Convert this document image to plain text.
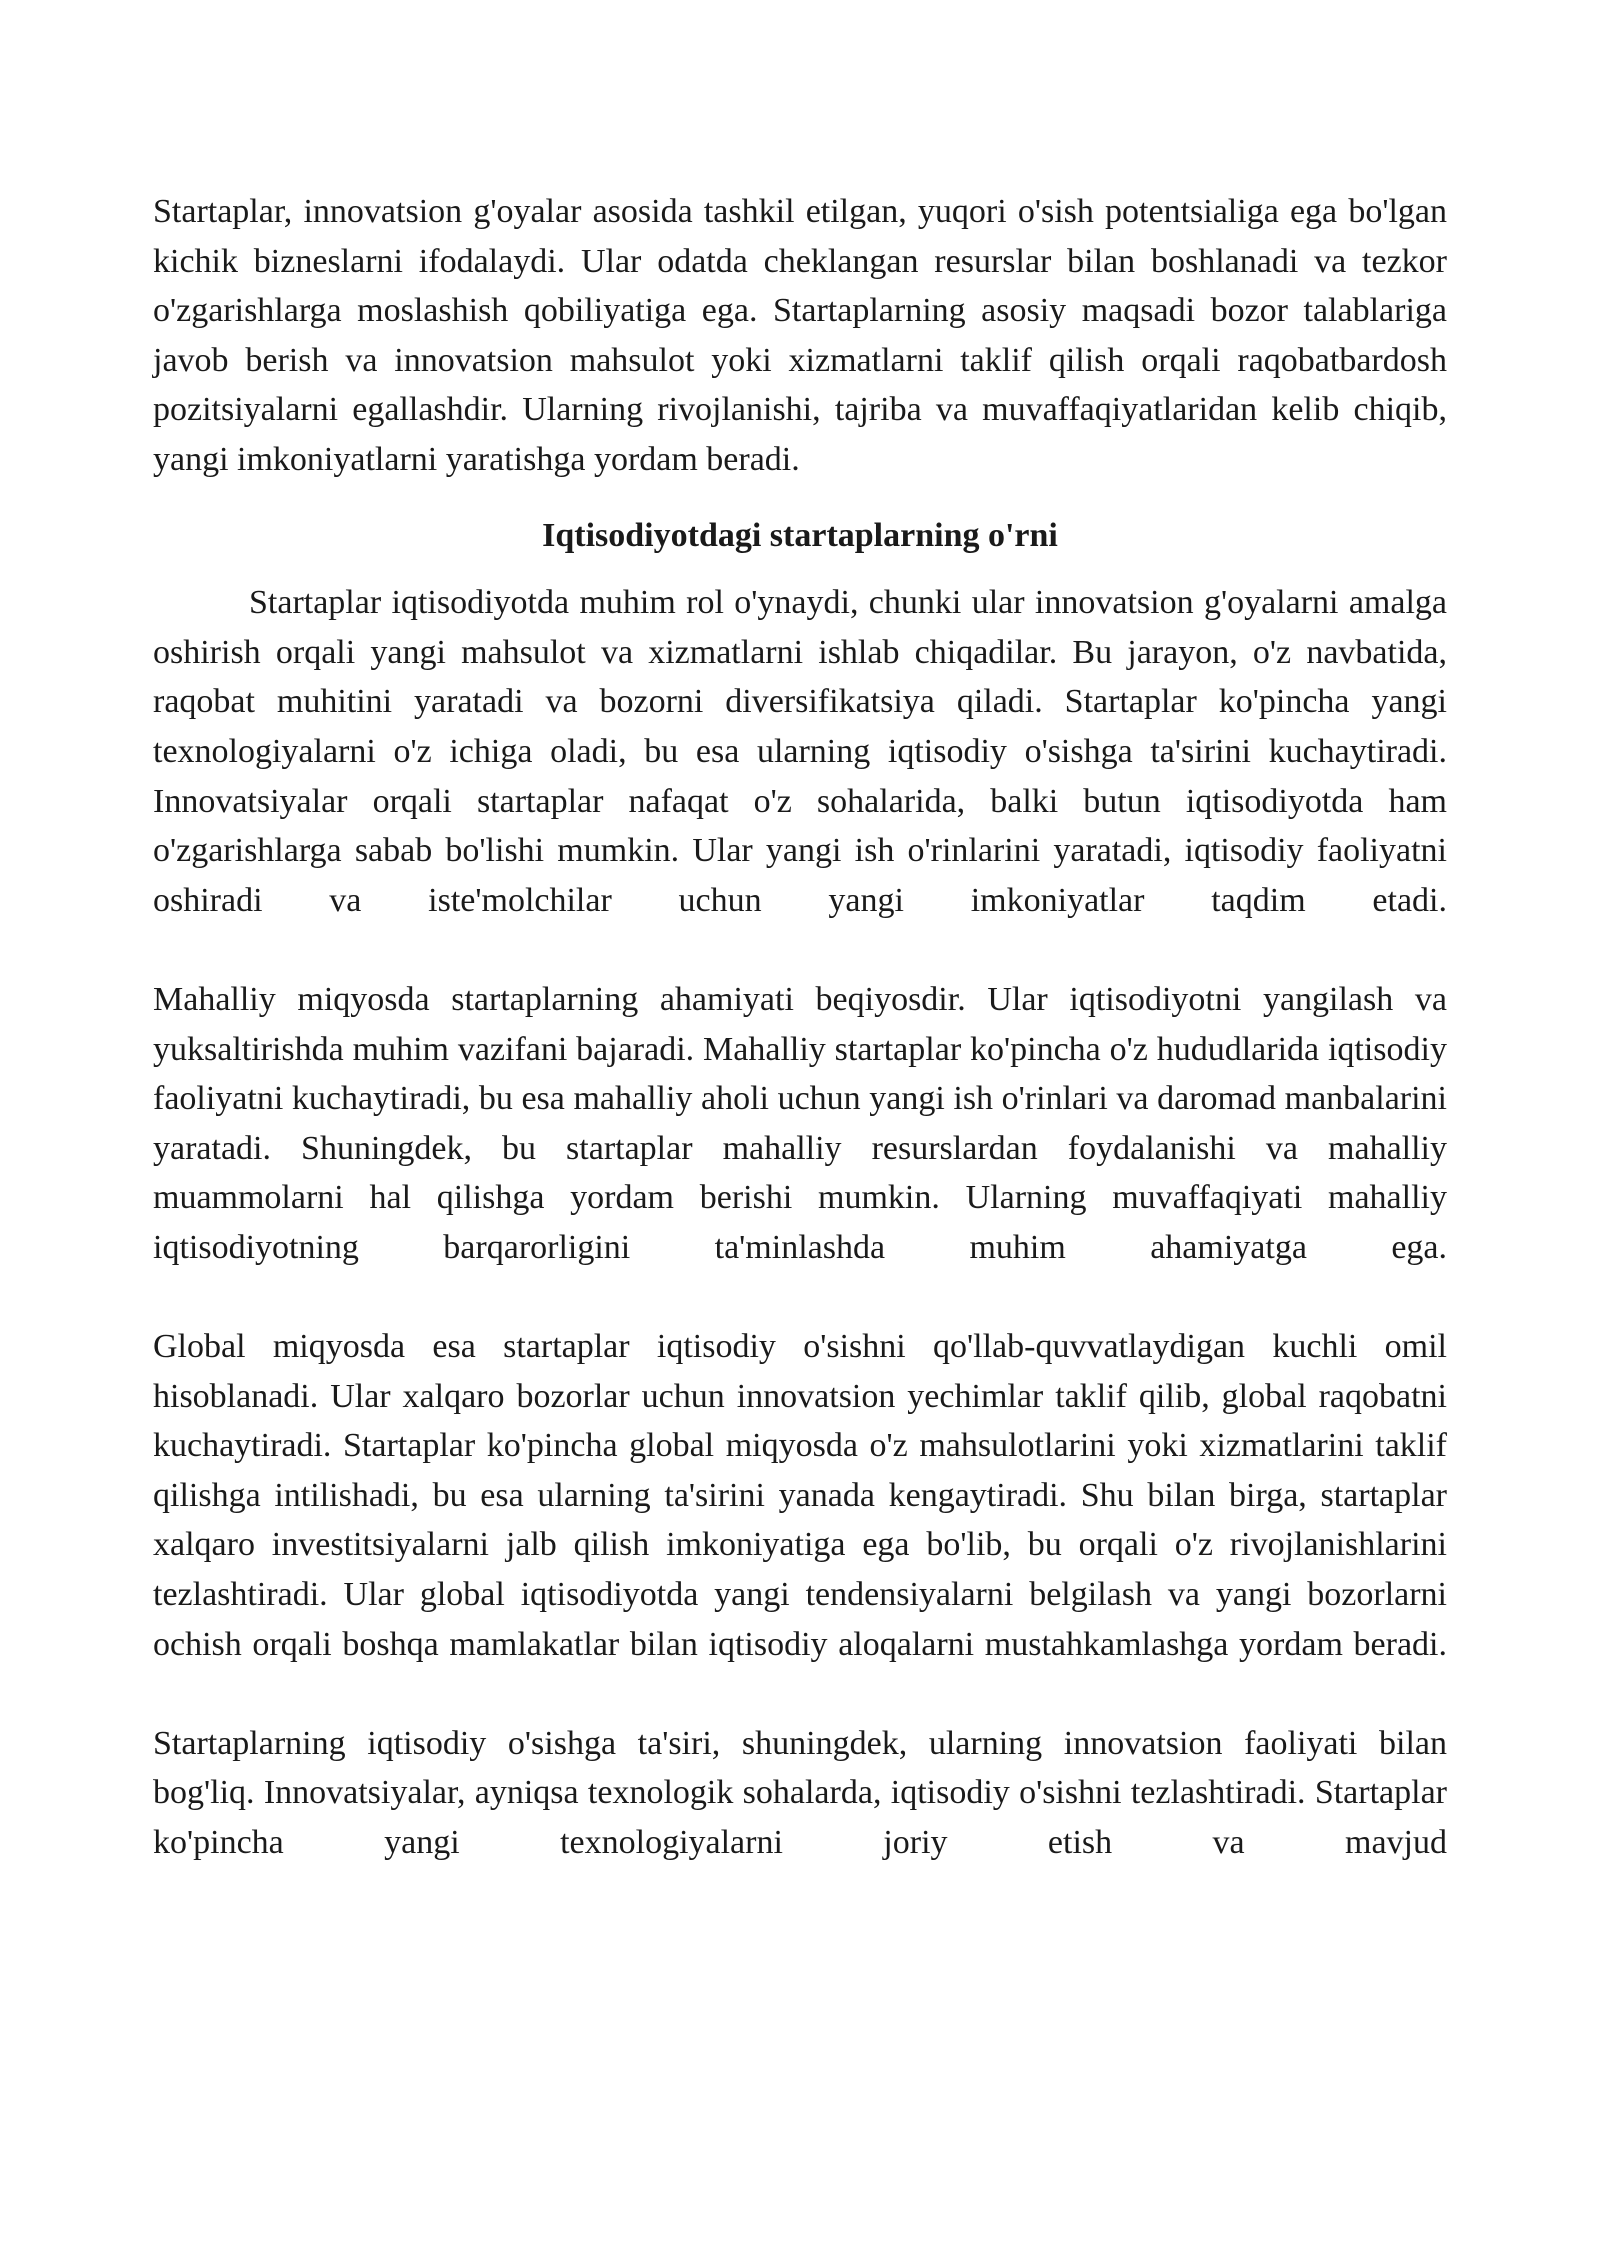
Startaplar, innovatsion g'oyalar asosida tashkil etilgan, yuqori o'sish potentsialiga ega bo'lgan kichik bizneslarni ifodalaydi. Ular odatda cheklangan resurslar bilan boshlanadi va tezkor o'zgarishlarga moslashish qobiliyatiga ega. Startaplarning asosiy maqsadi bozor talablariga javob berish va innovatsion mahsulot yoki xizmatlarni taklif qilish orqali raqobatbardosh pozitsiyalarni egallashdir. Ularning rivojlanishi, tajriba va muvaffaqiyatlaridan kelib chiqib, yangi imkoniyatlarni yaratishga yordam beradi.

Iqtisodiyotdagi startaplarning o'rni

Startaplar iqtisodiyotda muhim rol o'ynaydi, chunki ular innovatsion g'oyalarni amalga oshirish orqali yangi mahsulot va xizmatlarni ishlab chiqadilar. Bu jarayon, o'z navbatida, raqobat muhitini yaratadi va bozorni diversifikatsiya qiladi. Startaplar ko'pincha yangi texnologiyalarni o'z ichiga oladi, bu esa ularning iqtisodiy o'sishga ta'sirini kuchaytiradi. Innovatsiyalar orqali startaplar nafaqat o'z sohalarida, balki butun iqtisodiyotda ham o'zgarishlarga sabab bo'lishi mumkin. Ular yangi ish o'rinlarini yaratadi, iqtisodiy faoliyatni oshiradi va iste'molchilar uchun yangi imkoniyatlar taqdim etadi.

Mahalliy miqyosda startaplarning ahamiyati beqiyosdir. Ular iqtisodiyotni yangilash va yuksaltirishda muhim vazifani bajaradi. Mahalliy startaplar ko'pincha o'z hududlarida iqtisodiy faoliyatni kuchaytiradi, bu esa mahalliy aholi uchun yangi ish o'rinlari va daromad manbalarini yaratadi. Shuningdek, bu startaplar mahalliy resurslardan foydalanishi va mahalliy muammolarni hal qilishga yordam berishi mumkin. Ularning muvaffaqiyati mahalliy iqtisodiyotning barqarorligini ta'minlashda muhim ahamiyatga ega.

Global miqyosda esa startaplar iqtisodiy o'sishni qo'llab-quvvatlaydigan kuchli omil hisoblanadi. Ular xalqaro bozorlar uchun innovatsion yechimlar taklif qilib, global raqobatni kuchaytiradi. Startaplar ko'pincha global miqyosda o'z mahsulotlarini yoki xizmatlarini taklif qilishga intilishadi, bu esa ularning ta'sirini yanada kengaytiradi. Shu bilan birga, startaplar xalqaro investitsiyalarni jalb qilish imkoniyatiga ega bo'lib, bu orqali o'z rivojlanishlarini tezlashtiradi. Ular global iqtisodiyotda yangi tendensiyalarni belgilash va yangi bozorlarni ochish orqali boshqa mamlakatlar bilan iqtisodiy aloqalarni mustahkamlashga yordam beradi.

Startaplarning iqtisodiy o'sishga ta'siri, shuningdek, ularning innovatsion faoliyati bilan bog'liq. Innovatsiyalar, ayniqsa texnologik sohalarda, iqtisodiy o'sishni tezlashtiradi. Startaplar ko'pincha yangi texnologiyalarni joriy etish va mavjud
